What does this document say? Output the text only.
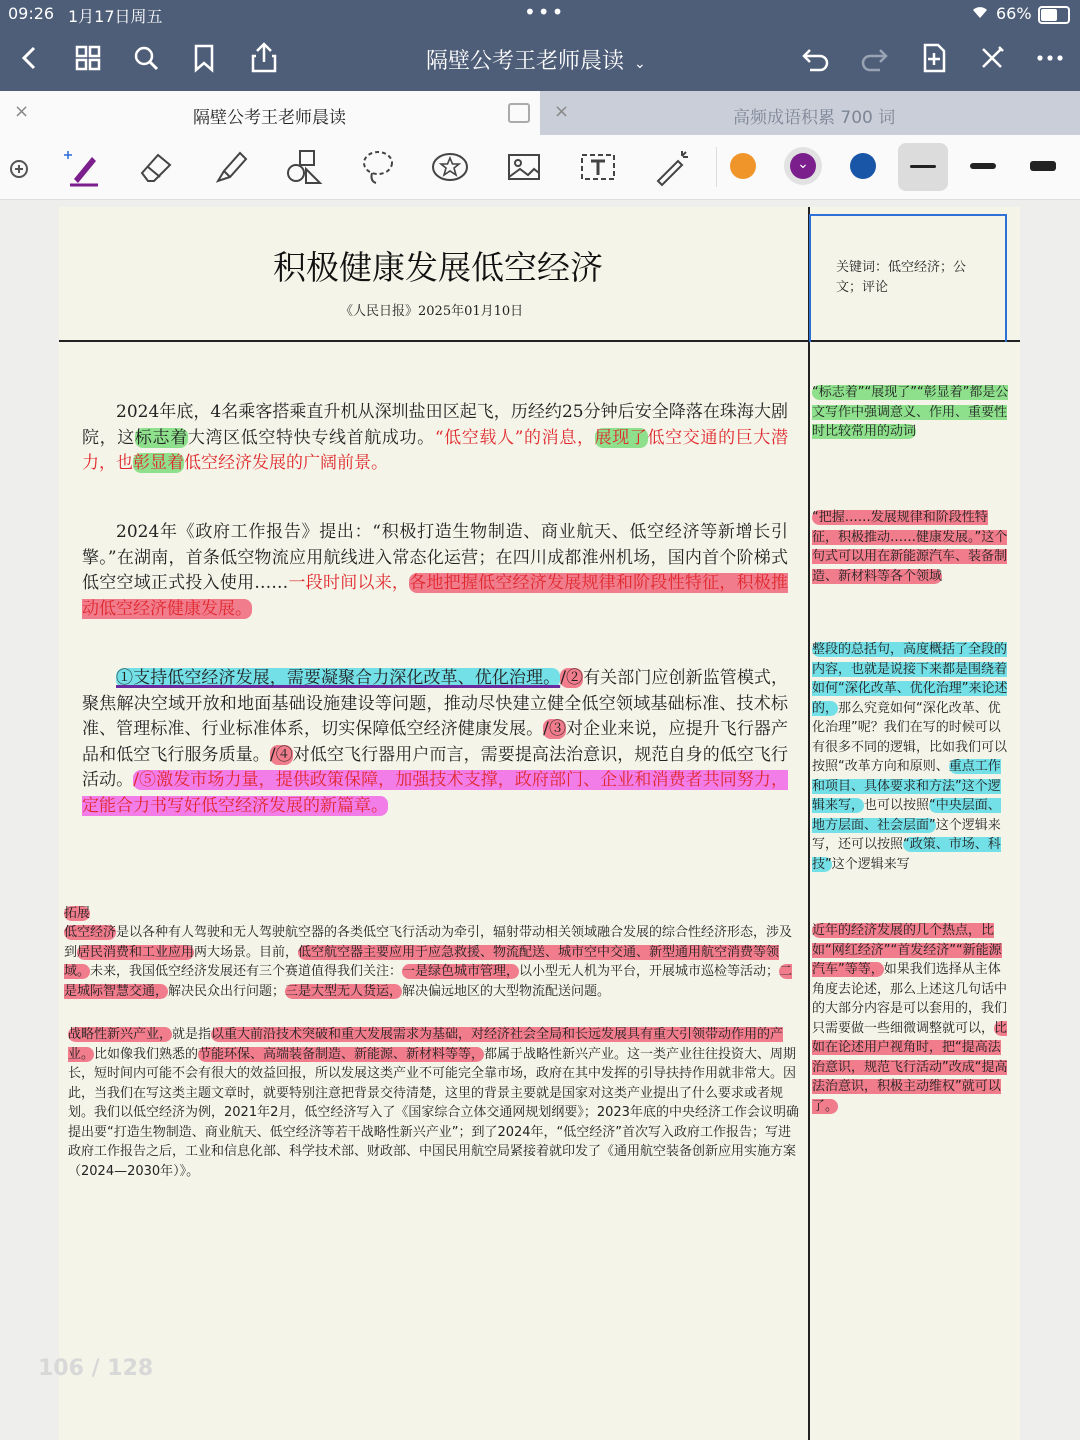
09:26 1月17日周五	•••	66%
隔壁公考王老师晨读 ⌄
×	隔壁公考王老师晨读	×	高频成语积累 700 词
⌄
关键词：低空经济；公文；评论
积极健康发展低空经济
《人民日报》2025年01月10日
2024年底，4名乘客搭乘直升机从深圳盐田区起飞，历经约25分钟后安全降落在珠海大剧院，这标志着大湾区低空特快专线首航成功。“低空载人”的消息，展现了低空交通的巨大潜力，也彰显着低空经济发展的广阔前景。
2024年《政府工作报告》提出：“积极打造生物制造、商业航天、低空经济等新增长引擎。”在湖南，首条低空物流应用航线进入常态化运营；在四川成都淮州机场，国内首个阶梯式低空空域正式投入使用……一段时间以来，各地把握低空经济发展规律和阶段性特征，积极推动低空经济健康发展。
①支持低空经济发展，需要凝聚合力深化改革、优化治理。/②有关部门应创新监管模式，聚焦解决空域开放和地面基础设施建设等问题，推动尽快建立健全低空领域基础标准、技术标准、管理标准、行业标准体系，切实保障低空经济健康发展。/③对企业来说，应提升飞行器产品和低空飞行服务质量。/④对低空飞行器用户而言，需要提高法治意识，规范自身的低空飞行活动。/⑤激发市场力量，提供政策保障，加强技术支撑，政府部门、企业和消费者共同努力，定能合力书写好低空经济发展的新篇章。
拓展
低空经济是以各种有人驾驶和无人驾驶航空器的各类低空飞行活动为牵引，辐射带动相关领域融合发展的综合性经济形态，涉及到居民消费和工业应用两大场景。目前，低空航空器主要应用于应急救援、物流配送、城市空中交通、新型通用航空消费等领域。未来，我国低空经济发展还有三个赛道值得我们关注：一是绿色城市管理，以小型无人机为平台，开展城市巡检等活动；二是城际智慧交通，解决民众出行问题；三是大型无人货运，解决偏远地区的大型物流配送问题。
战略性新兴产业，就是指以重大前沿技术突破和重大发展需求为基础，对经济社会全局和长远发展具有重大引领带动作用的产业。比如像我们熟悉的节能环保、高端装备制造、新能源、新材料等等，都属于战略性新兴产业。这一类产业往往投资大、周期长，短时间内可能不会有很大的效益回报，所以发展这类产业不可能完全靠市场，政府在其中发挥的引导扶持作用就非常大。因此，当我们在写这类主题文章时，就要特别注意把背景交待清楚，这里的背景主要就是国家对这类产业提出了什么要求或者规划。我们以低空经济为例，2021年2月，低空经济写入了《国家综合立体交通网规划纲要》；2023年底的中央经济工作会议明确提出要“打造生物制造、商业航天、低空经济等若干战略性新兴产业”；到了2024年，“低空经济”首次写入政府工作报告；写进政府工作报告之后，工业和信息化部、科学技术部、财政部、中国民用航空局紧接着就印发了《通用航空装备创新应用实施方案（2024—2030年）》。
“标志着”“展现了”“彰显着”都是公文写作中强调意义、作用、重要性时比较常用的动词
“把握……发展规律和阶段性特征，积极推动……健康发展。”这个句式可以用在新能源汽车、装备制造、新材料等各个领域
整段的总括句，高度概括了全段的内容，也就是说接下来都是围绕着如何“深化改革、优化治理”来论述的，那么究竟如何“深化改革、优化治理”呢？我们在写的时候可以有很多不同的逻辑，比如我们可以按照“改革方向和原则、重点工作和项目、具体要求和方法”这个逻辑来写，也可以按照“中央层面、地方层面、社会层面”这个逻辑来写，还可以按照“政策、市场、科技”这个逻辑来写
近年的经济发展的几个热点，比如“网红经济”“首发经济”“新能源汽车”等等，如果我们选择从主体角度去论述，那么上述这几句话中的大部分内容是可以套用的，我们只需要做一些细微调整就可以，比如在论述用户视角时，把“提高法治意识，规范飞行活动”改成“提高法治意识，积极主动维权”就可以了。
106 / 128
